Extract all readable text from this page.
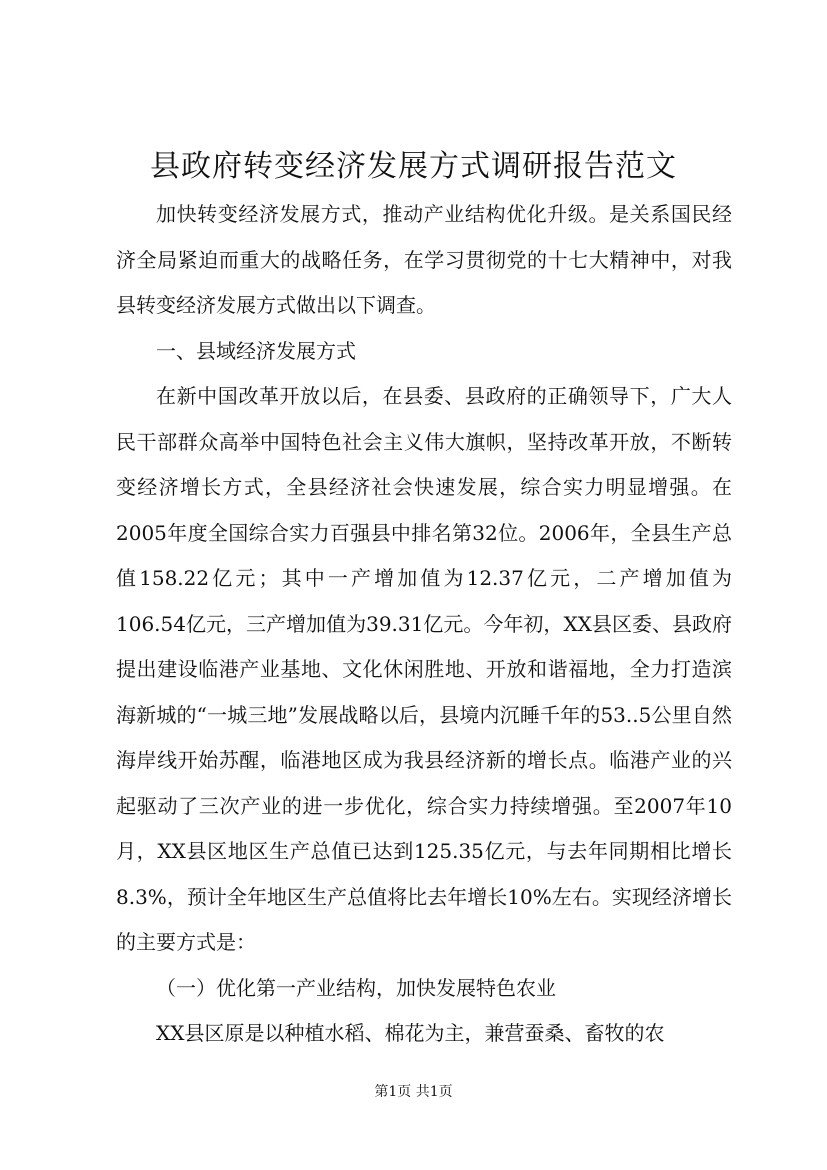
县政府转变经济发展方式调研报告范文

加快转变经济发展方式，推动产业结构优化升级。是关系国民经济全局紧迫而重大的战略任务，在学习贯彻党的十七大精神中，对我县转变经济发展方式做出以下调查。

一、县域经济发展方式

在新中国改革开放以后，在县委、县政府的正确领导下，广大人民干部群众高举中国特色社会主义伟大旗帜，坚持改革开放，不断转变经济增长方式，全县经济社会快速发展，综合实力明显增强。在2005年度全国综合实力百强县中排名第32位。2006年，全县生产总值158.22亿元；其中一产增加值为12.37亿元，二产增加值为106.54亿元，三产增加值为39.31亿元。今年初，XX县区委、县政府提出建设临港产业基地、文化休闲胜地、开放和谐福地，全力打造滨海新城的“一城三地”发展战略以后，县境内沉睡千年的53..5公里自然海岸线开始苏醒，临港地区成为我县经济新的增长点。临港产业的兴起驱动了三次产业的进一步优化，综合实力持续增强。至2007年10月，XX县区地区生产总值已达到125.35亿元，与去年同期相比增长8.3%，预计全年地区生产总值将比去年增长10%左右。实现经济增长的主要方式是：

（一）优化第一产业结构，加快发展特色农业

XX县区原是以种植水稻、棉花为主，兼营蚕桑、畜牧的农

第1页 共1页
